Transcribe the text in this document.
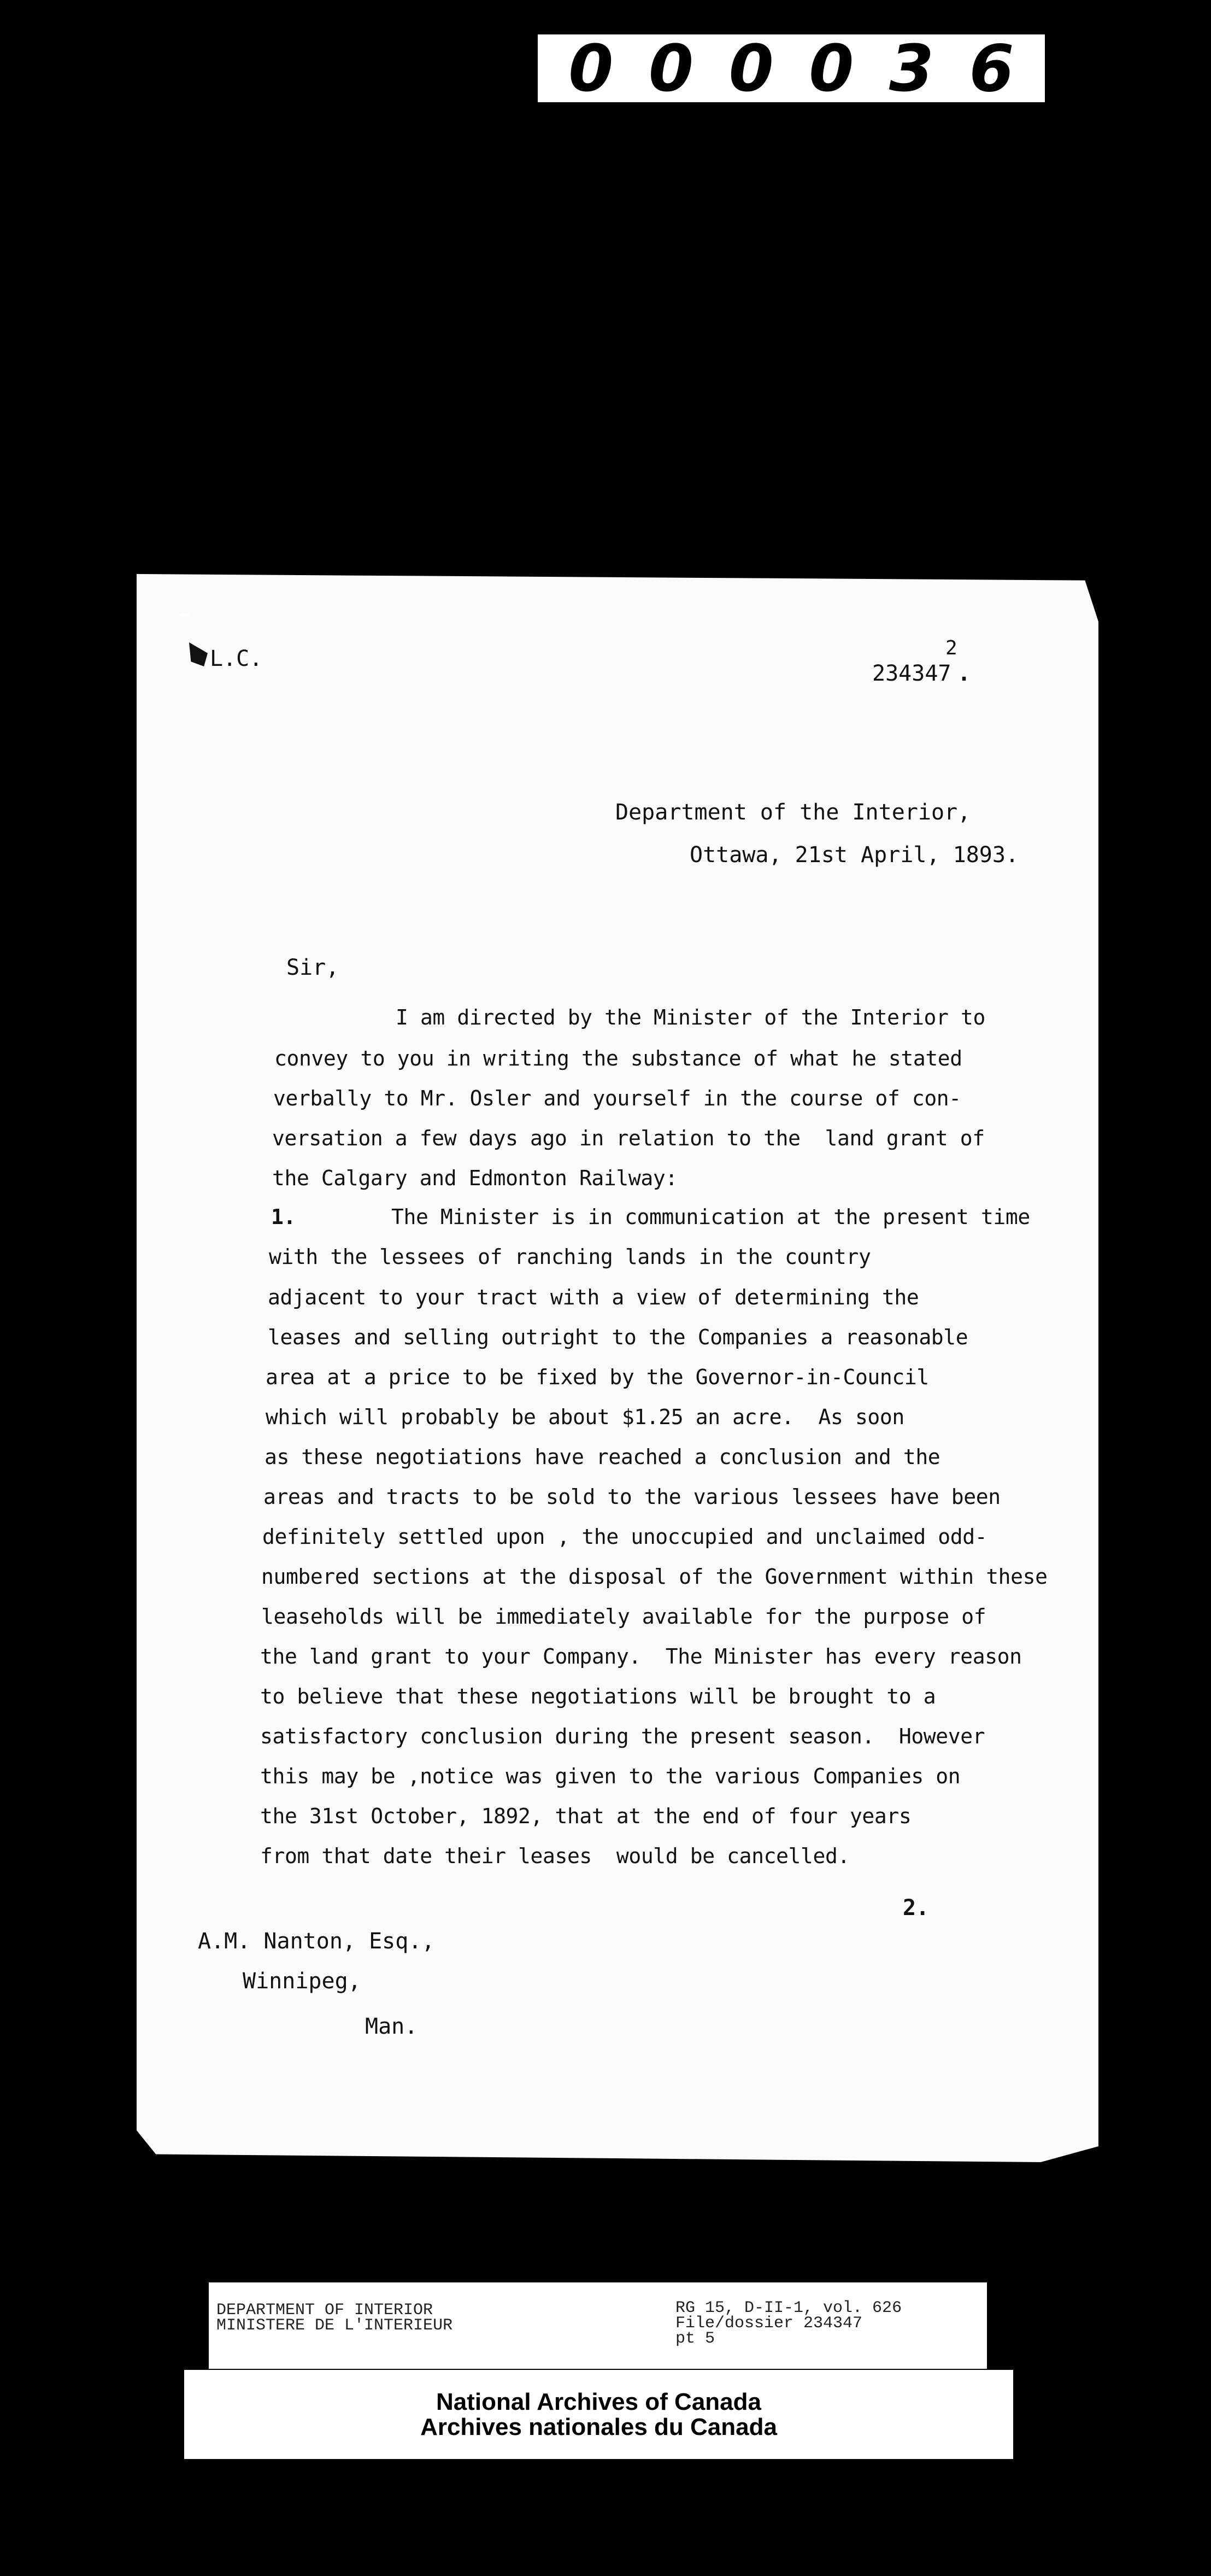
0 0 0 0 3 6
L.C.	2
234347 .
Department of the Interior,
Ottawa, 21st April, 1893.
Sir,
I am directed by the Minister of the Interior to
convey to you in writing the substance of what he stated
verbally to Mr. Osler and yourself in the course of con-
versation a few days ago in relation to the  land grant of
the Calgary and Edmonton Railway:
1.	The Minister is in communication at the present time
with the lessees of ranching lands in the country
adjacent to your tract with a view of determining the
leases and selling outright to the Companies a reasonable
area at a price to be fixed by the Governor-in-Council
which will probably be about $1.25 an acre.  As soon
as these negotiations have reached a conclusion and the
areas and tracts to be sold to the various lessees have been
definitely settled upon , the unoccupied and unclaimed odd-
numbered sections at the disposal of the Government within these
leaseholds will be immediately available for the purpose of
the land grant to your Company.  The Minister has every reason
to believe that these negotiations will be brought to a
satisfactory conclusion during the present season.  However
this may be ,notice was given to the various Companies on
the 31st October, 1892, that at the end of four years
from that date their leases  would be cancelled.
2.
A.M. Nanton, Esq.,
Winnipeg,
Man.
DEPARTMENT OF INTERIOR
MINISTERE DE L'INTERIEUR
RG 15, D-II-1, vol. 626
File/dossier 234347
pt 5
National Archives of Canada
Archives nationales du Canada
